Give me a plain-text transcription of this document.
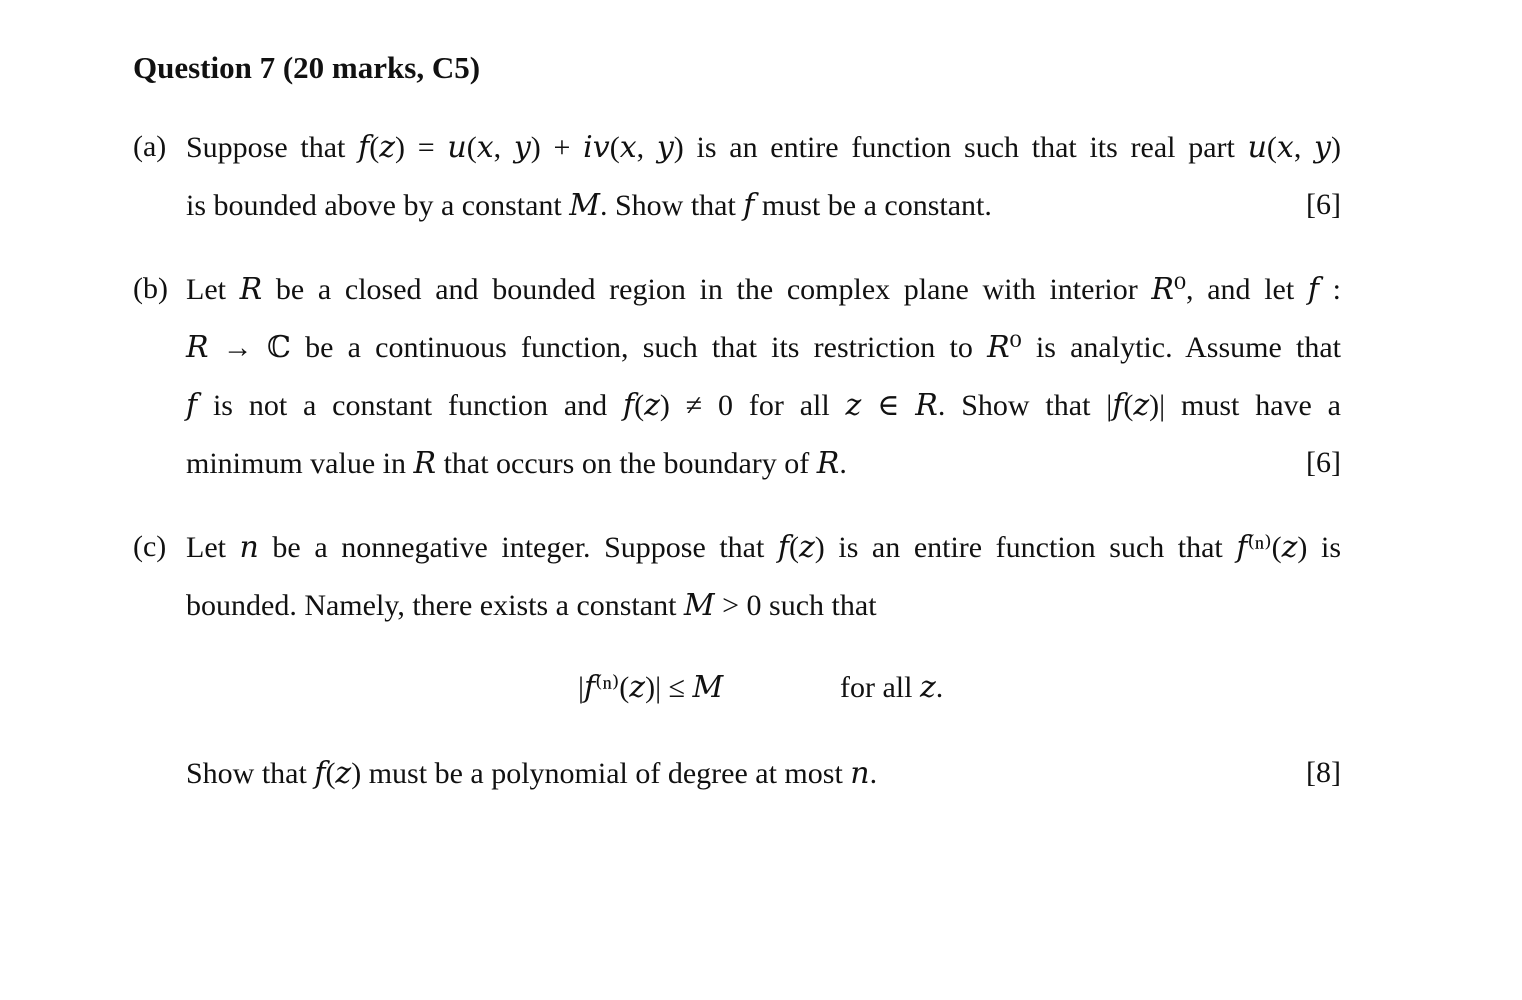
Question 7 (20 marks, C5)
(a) Suppose that 𝑓(𝑧) = 𝑢(𝑥, 𝑦) + 𝑖𝑣(𝑥, 𝑦) is an entire function such that its real part 𝑢(𝑥, 𝑦)
is bounded above by a constant 𝑀. Show that 𝑓 must be a constant.	[6]
(b) Let 𝑅 be a closed and bounded region in the complex plane with interior 𝑅⁰, and let 𝑓 :
𝑅 → ℂ be a continuous function, such that its restriction to 𝑅⁰ is analytic. Assume that
𝑓 is not a constant function and 𝑓(𝑧) ≠ 0 for all 𝑧 ∈ 𝑅. Show that |𝑓(𝑧)| must have a
minimum value in 𝑅 that occurs on the boundary of 𝑅.	[6]
(c) Let 𝑛 be a nonnegative integer. Suppose that 𝑓(𝑧) is an entire function such that 𝑓⁽ⁿ⁾(𝑧) is
bounded. Namely, there exists a constant 𝑀 > 0 such that
|𝑓⁽ⁿ⁾(𝑧)| ≤ 𝑀	for all 𝑧.
Show that 𝑓(𝑧) must be a polynomial of degree at most 𝑛.	[8]
